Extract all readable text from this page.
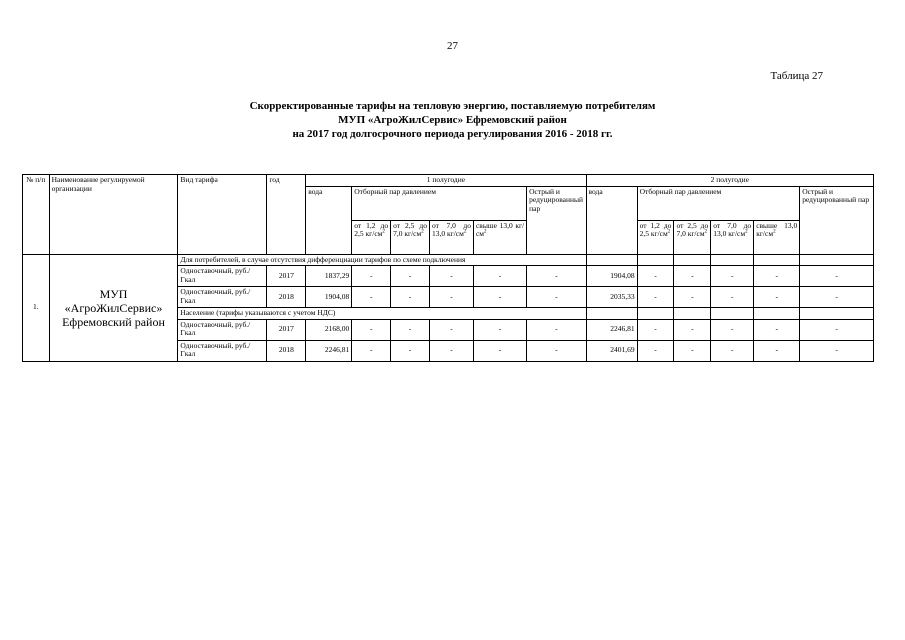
27
Таблица 27
Скорректированные тарифы на тепловую энергию, поставляемую потребителям
МУП «АгроЖилСервис» Ефремовский район
на 2017 год долгосрочного периода регулирования 2016 - 2018 гг.
№ п/п	Наименование регулируемой организации	Вид тарифа	год	1 полугодие						2 полугодие					
				вода	Отборный пар давлением				Острый и редуцированный пар	вода	Отборный пар давлением				Острый и редуцированный пар
					от 1,2 до 2,5 $кг/см^2$	от 2,5 до 7,0 $кг/см^2$	от 7,0 до 13,0 $кг/см^2$	свыше 13,0 $кг/см^2$			от 1,2 до 2,5 $кг/см^2$	от 2,5 до 7,0 $кг/см^2$	от 7,0 до 13,0 $кг/см^2$	свыше 13,0 $кг/см^2$
1.	МУП «АгроЖилСервис» Ефремовский район	Для потребителей, в случае отсутствия дифференциации тарифов по схеме подключения													
		Одноставочный, руб./Гкал	2017	1837,29	-	-	-	-	-	1904,08	-	-	-	-	-
		Одноставочный, руб./Гкал	2018	1904,08	-	-	-	-	-	2035,33	-	-	-	-	-
		Население (тарифы указываются с учетом НДС)													
		Одноставочный, руб./Гкал	2017	2168,00	-	-	-	-	-	2246,81	-	-	-	-	-
		Одноставочный, руб./Гкал	2018	2246,81	-	-	-	-	-	2401,69	-	-	-	-	-
